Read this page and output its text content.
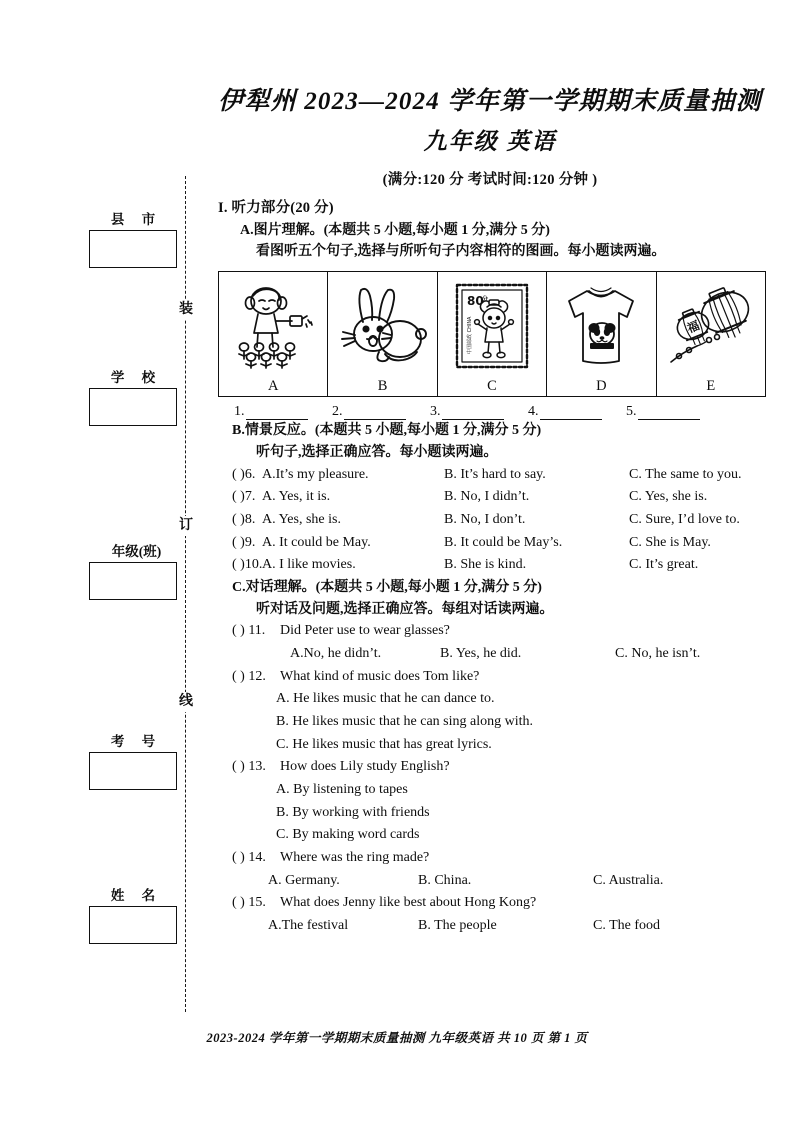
县 市
学 校
年级(班)
考 号
姓 名
装
订
线
伊犁州 2023—2024 学年第一学期期末质量抽测
九年级 英语
(满分:120 分 考试时间:120 分钟 )
I. 听力部分(20 分)
A.图片理解。(本题共 5 小题,每小题 1 分,满分 5 分)
看图听五个句子,选择与所听句子内容相符的图画。每小题读两遍。
A	B
80
分
中国邮政 CHINA
C	D
福
E
1.	2.	3.	4.	5.
B.情景反应。(本题共 5 小题,每小题 1 分,满分 5 分)
听句子,选择正确应答。每小题读两遍。
( )6. A.It’s my pleasure.	B. It’s hard to say.	C. The same to you.
( )7. A. Yes, it is.	B. No, I didn’t.	C. Yes, she is.
( )8. A. Yes, she is.	B. No, I don’t.	C. Sure, I’d love to.
( )9. A. It could be May.	B. It could be May’s.	C. She is May.
( )10. A. I like movies.	B. She is kind.	C. It’s great.
C.对话理解。(本题共 5 小题,每小题 1 分,满分 5 分)
听对话及问题,选择正确应答。每组对话读两遍。
( ) 11.	Did Peter use to wear glasses?
A.No, he didn’t.	B. Yes, he did.	C. No, he isn’t.
( ) 12.	What kind of music does Tom like?
A. He likes music that he can dance to.
B. He likes music that he can sing along with.
C. He likes music that has great lyrics.
( ) 13.	How does Lily study English?
A. By listening to tapes
B. By working with friends
C. By making word cards
( ) 14.	Where was the ring made?
A. Germany.	B. China.	C. Australia.
( ) 15.	What does Jenny like best about Hong Kong?
A.The festival	B. The people	C. The food
2023-2024 学年第一学期期末质量抽测 九年级英语 共 10 页 第 1 页
